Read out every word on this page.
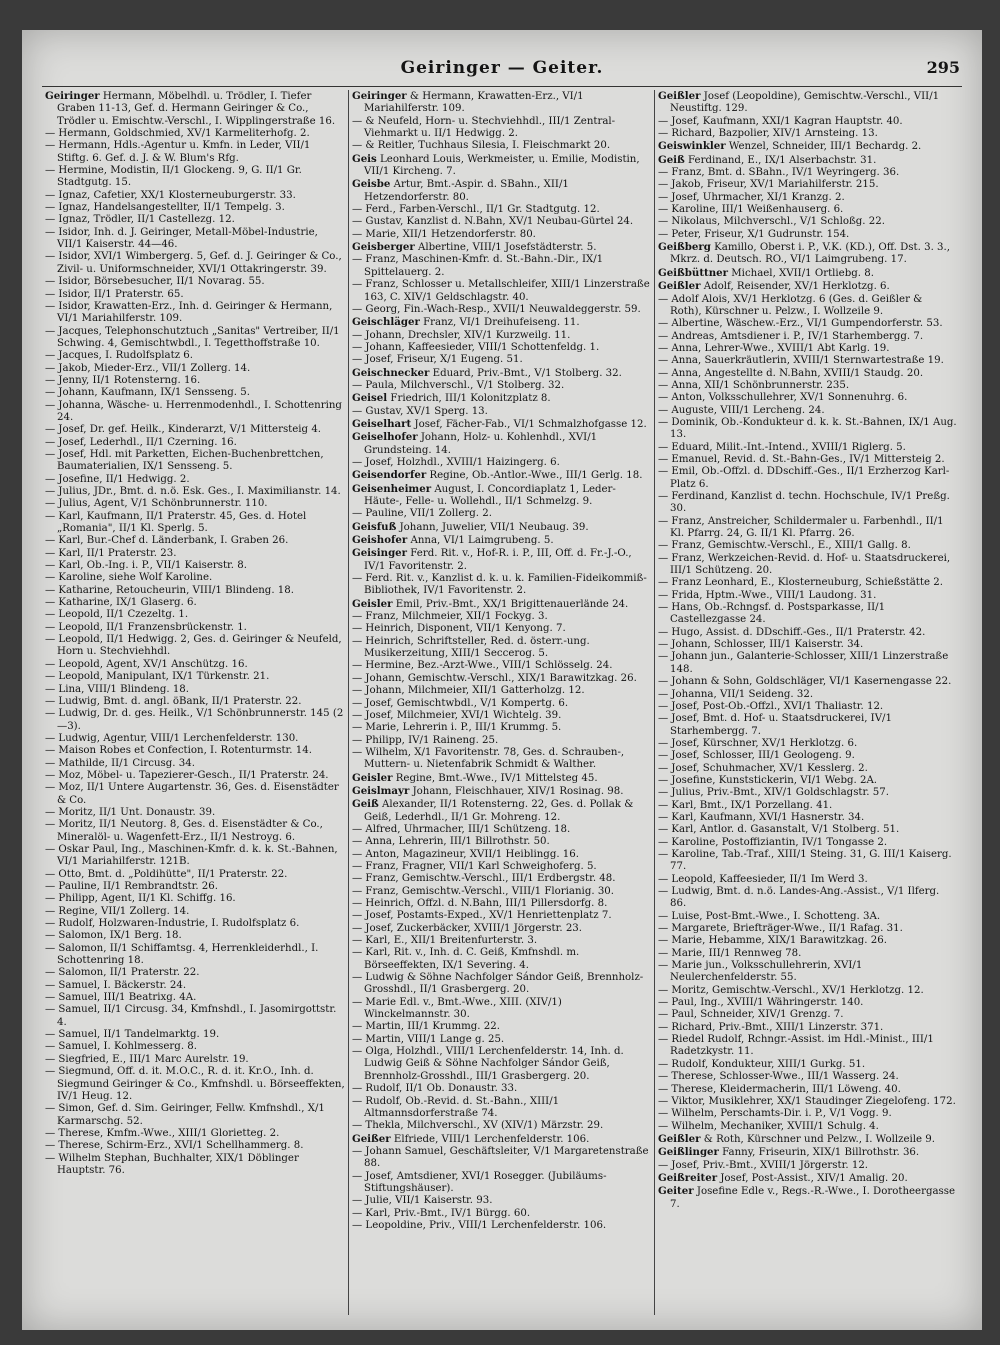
Geiringer — Geiter.	295

Geiringer Hermann, Möbelhdl. u. Trödler, I. Tiefer Graben 11-13, Gef. d. Hermann Geiringer & Co., Trödler u. Emischtw.-Verschl., I. Wipplingerstraße 16.

— Hermann, Goldschmied, XV/1 Karmeliterhofg. 2.

— Hermann, Hdls.-Agentur u. Kmfn. in Leder, VII/1 Stiftg. 6. Gef. d. J. & W. Blum's Rfg.

— Hermine, Modistin, II/1 Glockeng. 9, G. II/1 Gr. Stadtgutg. 15.

— Ignaz, Cafetier, XX/1 Klosterneuburgerstr. 33.

— Ignaz, Handelsangestellter, II/1 Tempelg. 3.

— Ignaz, Trödler, II/1 Castellezg. 12.

— Isidor, Inh. d. J. Geiringer, Metall-Möbel-Industrie, VII/1 Kaiserstr. 44—46.

— Isidor, XVI/1 Wimbergerg. 5, Gef. d. J. Geiringer & Co., Zivil- u. Uniformschneider, XVI/1 Ottakringerstr. 39.

— Isidor, Börsebesucher, II/1 Novarag. 55.

— Isidor, II/1 Praterstr. 65.

— Isidor, Krawatten-Erz., Inh. d. Geiringer & Hermann, VI/1 Mariahilferstr. 109.

— Jacques, Telephonschutztuch „Sanitas" Vertreiber, II/1 Schwing. 4, Gemischtwbdl., I. Tegetthoffstraße 10.

— Jacques, I. Rudolfsplatz 6.

— Jakob, Mieder-Erz., VII/1 Zollerg. 14.

— Jenny, II/1 Rotensterng. 16.

— Johann, Kaufmann, IX/1 Sensseng. 5.

— Johanna, Wäsche- u. Herrenmodenhdl., I. Schottenring 24.

— Josef, Dr. gef. Heilk., Kinderarzt, V/1 Mittersteig 4.

— Josef, Lederhdl., II/1 Czerning. 16.

— Josef, Hdl. mit Parketten, Eichen-Buchenbrettchen, Baumaterialien, IX/1 Sensseng. 5.

— Josefine, II/1 Hedwigg. 2.

— Julius, JDr., Bmt. d. n.ö. Esk. Ges., I. Maximilianstr. 14.

— Julius, Agent, V/1 Schönbrunnerstr. 110.

— Karl, Kaufmann, II/1 Praterstr. 45, Ges. d. Hotel „Romania", II/1 Kl. Sperlg. 5.

— Karl, Bur.-Chef d. Länderbank, I. Graben 26.

— Karl, II/1 Praterstr. 23.

— Karl, Ob.-Ing. i. P., VII/1 Kaiserstr. 8.

— Karoline, siehe Wolf Karoline.

— Katharine, Retoucheurin, VIII/1 Blindeng. 18.

— Katharine, IX/1 Glaserg. 6.

— Leopold, II/1 Czezeltg. 1.

— Leopold, II/1 Franzensbrückenstr. 1.

— Leopold, II/1 Hedwigg. 2, Ges. d. Geiringer & Neufeld, Horn u. Stechviehhdl.

— Leopold, Agent, XV/1 Anschützg. 16.

— Leopold, Manipulant, IX/1 Türkenstr. 21.

— Lina, VIII/1 Blindeng. 18.

— Ludwig, Bmt. d. angl. öBank, II/1 Praterstr. 22.

— Ludwig, Dr. d. ges. Heilk., V/1 Schönbrunnerstr. 145 (2—3).

— Ludwig, Agentur, VIII/1 Lerchenfelderstr. 130.

— Maison Robes et Confection, I. Rotenturmstr. 14.

— Mathilde, II/1 Circusg. 34.

— Moz, Möbel- u. Tapezierer-Gesch., II/1 Praterstr. 24.

— Moz, II/1 Untere Augartenstr. 36, Ges. d. Eisenstädter & Co.

— Moritz, II/1 Unt. Donaustr. 39.

— Moritz, II/1 Neutorg. 8, Ges. d. Eisenstädter & Co., Mineralöl- u. Wagenfett-Erz., II/1 Nestroyg. 6.

— Oskar Paul, Ing., Maschinen-Kmfr. d. k. k. St.-Bahnen, VI/1 Mariahilferstr. 121B.

— Otto, Bmt. d. „Poldihütte", II/1 Praterstr. 22.

— Pauline, II/1 Rembrandtstr. 26.

— Philipp, Agent, II/1 Kl. Schiffg. 16.

— Regine, VII/1 Zollerg. 14.

— Rudolf, Holzwaren-Industrie, I. Rudolfsplatz 6.

— Salomon, IX/1 Berg. 18.

— Salomon, II/1 Schiffamtsg. 4, Herrenkleiderhdl., I. Schottenring 18.

— Salomon, II/1 Praterstr. 22.

— Samuel, I. Bäckerstr. 24.

— Samuel, III/1 Beatrixg. 4A.

— Samuel, II/1 Circusg. 34, Kmfnshdl., I. Jasomirgottstr. 4.

— Samuel, II/1 Tandelmarktg. 19.

— Samuel, I. Kohlmesserg. 8.

— Siegfried, E., III/1 Marc Aurelstr. 19.

— Siegmund, Off. d. it. M.O.C., R. d. it. Kr.O., Inh. d. Siegmund Geiringer & Co., Kmfnshdl. u. Börseeffekten, IV/1 Heug. 12.

— Simon, Gef. d. Sim. Geiringer, Fellw. Kmfnshdl., X/1 Karmarschg. 52.

— Therese, Kmfm.-Wwe., XIII/1 Glorietteg. 2.

— Therese, Schirm-Erz., XVI/1 Schellhammerg. 8.

— Wilhelm Stephan, Buchhalter, XIX/1 Döblinger Hauptstr. 76.

Geiringer & Hermann, Krawatten-Erz., VI/1 Mariahilferstr. 109.

— & Neufeld, Horn- u. Stechviehhdl., III/1 Zentral-Viehmarkt u. II/1 Hedwigg. 2.

— & Reitler, Tuchhaus Silesia, I. Fleischmarkt 20.

Geis Leonhard Louis, Werkmeister, u. Emilie, Modistin, VII/1 Kircheng. 7.

Geisbe Artur, Bmt.-Aspir. d. SBahn., XII/1 Hetzendorferstr. 80.

— Ferd., Farben-Verschl., II/1 Gr. Stadtgutg. 12.

— Gustav, Kanzlist d. N.Bahn, XV/1 Neubau-Gürtel 24.

— Marie, XII/1 Hetzendorferstr. 80.

Geisberger Albertine, VIII/1 Josefstädterstr. 5.

— Franz, Maschinen-Kmfr. d. St.-Bahn.-Dir., IX/1 Spittelauerg. 2.

— Franz, Schlosser u. Metallschleifer, XIII/1 Linzerstraße 163, C. XIV/1 Geldschlagstr. 40.

— Georg, Fin.-Wach-Resp., XVII/1 Neuwaldeggerstr. 59.

Geischläger Franz, VI/1 Dreihufeiseng. 11.

— Johann, Drechsler, XIV/1 Kurzweilg. 11.

— Johann, Kaffeesieder, VIII/1 Schottenfeldg. 1.

— Josef, Friseur, X/1 Eugeng. 51.

Geischnecker Eduard, Priv.-Bmt., V/1 Stolberg. 32.

— Paula, Milchverschl., V/1 Stolberg. 32.

Geisel Friedrich, III/1 Kolonitzplatz 8.

— Gustav, XV/1 Sperg. 13.

Geiselhart Josef, Fächer-Fab., VI/1 Schmalzhofgasse 12.

Geiselhofer Johann, Holz- u. Kohlenhdl., XVI/1 Grundsteing. 14.

— Josef, Holzhdl., XVIII/1 Haizingerg. 6.

Geisendorfer Regine, Ob.-Antlor.-Wwe., III/1 Gerlg. 18.

Geisenheimer August, I. Concordiaplatz 1, Leder-Häute-, Felle- u. Wollehdl., II/1 Schmelzg. 9.

— Pauline, VII/1 Zollerg. 2.

Geisfuß Johann, Juwelier, VII/1 Neubaug. 39.

Geishofer Anna, VI/1 Laimgrubeng. 5.

Geisinger Ferd. Rit. v., Hof-R. i. P., III, Off. d. Fr.-J.-O., IV/1 Favoritenstr. 2.

— Ferd. Rit. v., Kanzlist d. k. u. k. Familien-Fideikommiß-Bibliothek, IV/1 Favoritenstr. 2.

Geisler Emil, Priv.-Bmt., XX/1 Brigittenauerlände 24.

— Franz, Milchmeier, XII/1 Fockyg. 3.

— Heinrich, Disponent, VII/1 Kenyong. 7.

— Heinrich, Schriftsteller, Red. d. österr.-ung. Musikerzeitung, XIII/1 Seccerog. 5.

— Hermine, Bez.-Arzt-Wwe., VIII/1 Schlösselg. 24.

— Johann, Gemischtw.-Verschl., XIX/1 Barawitzkag. 26.

— Johann, Milchmeier, XII/1 Gatterholzg. 12.

— Josef, Gemischtwbdl., V/1 Kompertg. 6.

— Josef, Milchmeier, XVI/1 Wichtelg. 39.

— Marie, Lehrerin i. P., III/1 Krummg. 5.

— Philipp, IV/1 Raineng. 25.

— Wilhelm, X/1 Favoritenstr. 78, Ges. d. Schrauben-, Muttern- u. Nietenfabrik Schmidt & Walther.

Geisler Regine, Bmt.-Wwe., IV/1 Mittelsteg 45.

Geislmayr Johann, Fleischhauer, XIV/1 Rosinag. 98.

Geiß Alexander, II/1 Rotensterng. 22, Ges. d. Pollak & Geiß, Lederhdl., II/1 Gr. Mohreng. 12.

— Alfred, Uhrmacher, III/1 Schützeng. 18.

— Anna, Lehrerin, III/1 Billrothstr. 50.

— Anton, Magazineur, XVII/1 Heiblingg. 16.

— Franz, Fragner, VII/1 Karl Schweighoferg. 5.

— Franz, Gemischtw.-Verschl., III/1 Erdbergstr. 48.

— Franz, Gemischtw.-Verschl., VIII/1 Florianig. 30.

— Heinrich, Offzl. d. N.Bahn, III/1 Pillersdorfg. 8.

— Josef, Postamts-Exped., XV/1 Henriettenplatz 7.

— Josef, Zuckerbäcker, XVIII/1 Jörgerstr. 23.

— Karl, E., XII/1 Breitenfurterstr. 3.

— Karl, Rit. v., Inh. d. C. Geiß, Kmfnshdl. m. Börseeffekten, IX/1 Severing. 4.

— Ludwig & Söhne Nachfolger Sándor Geiß, Brennholz-Grosshdl., II/1 Grasbergerg. 20.

— Marie Edl. v., Bmt.-Wwe., XIII. (XIV/1) Winckelmannstr. 30.

— Martin, III/1 Krummg. 22.

— Martin, VIII/1 Lange g. 25.

— Olga, Holzhdl., VIII/1 Lerchenfelderstr. 14, Inh. d. Ludwig Geiß & Söhne Nachfolger Sándor Geiß, Brennholz-Grosshdl., III/1 Grasbergerg. 20.

— Rudolf, II/1 Ob. Donaustr. 33.

— Rudolf, Ob.-Revid. d. St.-Bahn., XIII/1 Altmannsdorferstraße 74.

— Thekla, Milchverschl., XV (XIV/1) Märzstr. 29.

Geißer Elfriede, VIII/1 Lerchenfelderstr. 106.

— Johann Samuel, Geschäftsleiter, V/1 Margaretenstraße 88.

— Josef, Amtsdiener, XVI/1 Rosegger. (Jubiläums-Stiftungshäuser).

— Julie, VII/1 Kaiserstr. 93.

— Karl, Priv.-Bmt., IV/1 Bürgg. 60.

— Leopoldine, Priv., VIII/1 Lerchenfelderstr. 106.

Geißler Josef (Leopoldine), Gemischtw.-Verschl., VII/1 Neustiftg. 129.

— Josef, Kaufmann, XXI/1 Kagran Hauptstr. 40.

— Richard, Bazpolier, XIV/1 Arnsteing. 13.

Geiswinkler Wenzel, Schneider, III/1 Bechardg. 2.

Geiß Ferdinand, E., IX/1 Alserbachstr. 31.

— Franz, Bmt. d. SBahn., IV/1 Weyringerg. 36.

— Jakob, Friseur, XV/1 Mariahilferstr. 215.

— Josef, Uhrmacher, XI/1 Kranzg. 2.

— Karoline, III/1 Weißenhauserg. 6.

— Nikolaus, Milchverschl., V/1 Schloßg. 22.

— Peter, Friseur, X/1 Gudrunstr. 154.

Geißberg Kamillo, Oberst i. P., V.K. (KD.), Off. Dst. 3. 3., Mkrz. d. Deutsch. RO., VI/1 Laimgrubeng. 17.

Geißbüttner Michael, XVII/1 Ortliebg. 8.

Geißler Adolf, Reisender, XV/1 Herklotzg. 6.

— Adolf Alois, XV/1 Herklotzg. 6 (Ges. d. Geißler & Roth), Kürschner u. Pelzw., I. Wollzeile 9.

— Albertine, Wäschew.-Erz., VI/1 Gumpendorferstr. 53.

— Andreas, Amtsdiener i. P., IV/1 Starhembergg. 7.

— Anna, Lehrer-Wwe., XVIII/1 Abt Karlg. 19.

— Anna, Sauerkräutlerin, XVIII/1 Sternwartestraße 19.

— Anna, Angestellte d. N.Bahn, XVIII/1 Staudg. 20.

— Anna, XII/1 Schönbrunnerstr. 235.

— Anton, Volksschullehrer, XV/1 Sonnenuhrg. 6.

— Auguste, VIII/1 Lercheng. 24.

— Dominik, Ob.-Kondukteur d. k. k. St.-Bahnen, IX/1 Aug. 13.

— Eduard, Milit.-Int.-Intend., XVIII/1 Riglerg. 5.

— Emanuel, Revid. d. St.-Bahn-Ges., IV/1 Mittersteig 2.

— Emil, Ob.-Offzl. d. DDschiff.-Ges., II/1 Erzherzog Karl-Platz 6.

— Ferdinand, Kanzlist d. techn. Hochschule, IV/1 Preßg. 30.

— Franz, Anstreicher, Schildermaler u. Farbenhdl., II/1 Kl. Pfarrg. 24, G. II/1 Kl. Pfarrg. 26.

— Franz, Gemischtw.-Verschl., E., XIII/1 Gallg. 8.

— Franz, Werkzeichen-Revid. d. Hof- u. Staatsdruckerei, III/1 Schützeng. 20.

— Franz Leonhard, E., Klosterneuburg, Schießstätte 2.

— Frida, Hptm.-Wwe., VIII/1 Laudong. 31.

— Hans, Ob.-Rchngsf. d. Postsparkasse, II/1 Castellezgasse 24.

— Hugo, Assist. d. DDschiff.-Ges., II/1 Praterstr. 42.

— Johann, Schlosser, III/1 Kaiserstr. 34.

— Johann jun., Galanterie-Schlosser, XIII/1 Linzerstraße 148.

— Johann & Sohn, Goldschläger, VI/1 Kasernengasse 22.

— Johanna, VII/1 Seideng. 32.

— Josef, Post-Ob.-Offzl., XVI/1 Thaliastr. 12.

— Josef, Bmt. d. Hof- u. Staatsdruckerei, IV/1 Starhembergg. 7.

— Josef, Kürschner, XV/1 Herklotzg. 6.

— Josef, Schlosser, III/1 Geologeng. 9.

— Josef, Schuhmacher, XV/1 Kesslerg. 2.

— Josefine, Kunststickerin, VI/1 Webg. 2A.

— Julius, Priv.-Bmt., XIV/1 Goldschlagstr. 57.

— Karl, Bmt., IX/1 Porzellang. 41.

— Karl, Kaufmann, XVI/1 Hasnerstr. 34.

— Karl, Antlor. d. Gasanstalt, V/1 Stolberg. 51.

— Karoline, Postoffiziantin, IV/1 Tongasse 2.

— Karoline, Tab.-Traf., XIII/1 Steing. 31, G. III/1 Kaiserg. 77.

— Leopold, Kaffeesieder, II/1 Im Werd 3.

— Ludwig, Bmt. d. n.ö. Landes-Ang.-Assist., V/1 Ilferg. 86.

— Luise, Post-Bmt.-Wwe., I. Schotteng. 3A.

— Margarete, Briefträger-Wwe., II/1 Rafag. 31.

— Marie, Hebamme, XIX/1 Barawitzkag. 26.

— Marie, III/1 Rennweg 78.

— Marie jun., Volksschullehrerin, XVI/1 Neulerchenfelderstr. 55.

— Moritz, Gemischtw.-Verschl., XV/1 Herklotzg. 12.

— Paul, Ing., XVIII/1 Währingerstr. 140.

— Paul, Schneider, XIV/1 Grenzg. 7.

— Richard, Priv.-Bmt., XIII/1 Linzerstr. 371.

— Riedel Rudolf, Rchngr.-Assist. im Hdl.-Minist., III/1 Radetzkystr. 11.

— Rudolf, Kondukteur, XIII/1 Gurkg. 51.

— Therese, Schlosser-Wwe., III/1 Wasserg. 24.

— Therese, Kleidermacherin, III/1 Löweng. 40.

— Viktor, Musiklehrer, XX/1 Staudinger Ziegelofeng. 172.

— Wilhelm, Perschamts-Dir. i. P., V/1 Vogg. 9.

— Wilhelm, Mechaniker, XVIII/1 Schulg. 4.

Geißler & Roth, Kürschner und Pelzw., I. Wollzeile 9.

Geißlinger Fanny, Friseurin, XIX/1 Billrothstr. 36.

— Josef, Priv.-Bmt., XVIII/1 Jörgerstr. 12.

Geißreiter Josef, Post-Assist., XIV/1 Amalig. 20.

Geiter Josefine Edle v., Regs.-R.-Wwe., I. Dorotheergasse 7.
